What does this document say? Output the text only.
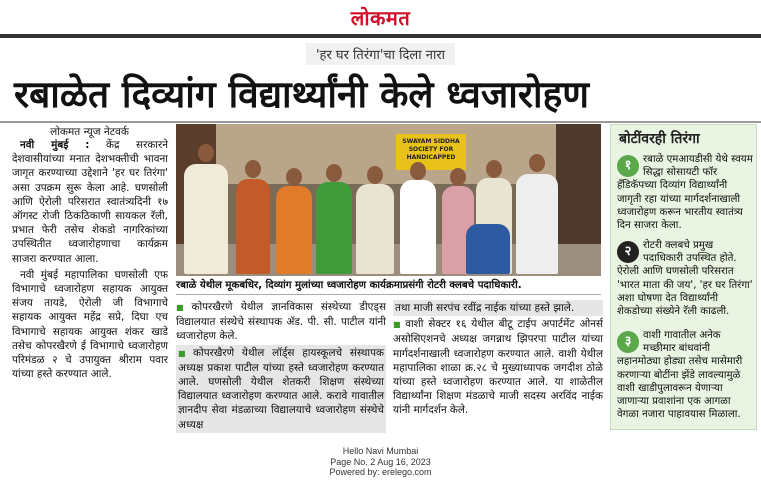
लोकमत
'हर घर तिरंगा'चा दिला नारा
रबाळेत दिव्यांग विद्यार्थ्यांनी केले ध्वजारोहण
लोकमत न्यूज नेटवर्क

नवी मुंबई : केंद्र सरकारने देशवासीयांच्या मनात देशभक्तीची भावना जागृत करण्याच्या उद्देशाने 'हर घर तिरंगा' असा उपक्रम सुरू केला आहे. घणसोली आणि ऐरोली परिसरात स्वातंत्र्यदिनी १७ ऑगस्ट रोजी ठिकठिकाणी सायकल रॅली, प्रभात फेरी तसेच शेकडो नागरिकांच्या उपस्थितीत ध्वजारोहणाचा कार्यक्रम साजरा करण्यात आला.

नवी मुंबई महापालिका घणसोली एफ विभागाचे ध्वजारोहण सहायक आयुक्त संजय तायडे, ऐरोली जी विभागाचे सहायक आयुक्त महेंद्र सप्रे, दिघा एच विभागाचे सहायक आयुक्त शंकर खाडे तसेच कोपरखैरणे ई विभागाचे ध्वजारोहण परिमंडळ २ चे उपायुक्त श्रीराम पवार यांच्या हस्ते करण्यात आले.

SWAYAM SIDDHA SOCIETY FOR HANDICAPPED
रबाळे येथील मूकबधिर, दिव्यांग मुलांच्या ध्वजारोहण कार्यक्रमाप्रसंगी रोटरी क्लबचे पदाधिकारी.

■ कोपरखैरणे येथील ज्ञानविकास संस्थेच्या डीएड्स विद्यालयात संस्थेचे संस्थापक ॲड. पी. सी. पाटील यांनी ध्वजारोहण केले.

■ कोपरखैरणे येथील लॉर्ड्स हायस्कूलचे संस्थापक अध्यक्ष प्रकाश पाटील यांच्या हस्ते ध्वजारोहण करण्यात आले. घणसोली येथील शेतकरी शिक्षण संस्थेच्या विद्यालयात ध्वजारोहण करण्यात आले. करावे गावातील ज्ञानदीप सेवा मंडळाच्या विद्यालयाचे ध्वजारोहण संस्थेचे अध्यक्ष

तथा माजी सरपंच रवींद्र नाईक यांच्या हस्ते झाले.

■ वाशी सेक्टर १६ येथील बीटू टाईप अपार्टमेंट ओनर्स असोसिएशनचे अध्यक्ष जगन्नाथ झिपरपा पाटील यांच्या मार्गदर्शनाखाली ध्वजारोहण करण्यात आले. वाशी येथील महापालिका शाळा क्र.२८ चे मुख्याध्यापक जगदीश ठोळे यांच्या हस्ते ध्वजारोहण करण्यात आले. या शाळेतील विद्यार्थ्यांना शिक्षण मंडळाचे माजी सदस्य अरविंद नाईक यांनी मार्गदर्शन केले.

बोटींवरही तिरंगा
१	रबाळे एमआयडीसी येथे स्वयम सिद्धा सोसायटी फॉर हँडिकॅपच्या दिव्यांग विद्यार्थ्यांनी जागृती रहा यांच्या मार्गदर्शनाखाली ध्वजारोहण करून भारतीय स्वातंत्र्य दिन साजरा केला.
२	रोटरी क्लबचे प्रमुख पदाधिकारी उपस्थित होते. ऐरोली आणि घणसोली परिसरात 'भारत माता की जय', 'हर घर तिरंगा' अशा घोषणा देत विद्यार्थ्यांनी शेकडोच्या संख्येने रॅली काढली.
३	वाशी गावातील अनेक मच्छीमार बांधवांनी लहानमोठ्या होड्या तसेच मासेमारी करणाऱ्या बोटींना झेंडे लावल्यामुळे वाशी खाडीपुलावरून येणाऱ्या जाणाऱ्या प्रवाशांना एक आगळा वेगळा नजारा पाहावयास मिळाला.
Hello Navi Mumbai
Page No. 2 Aug 16, 2023
Powered by: erelego.com
